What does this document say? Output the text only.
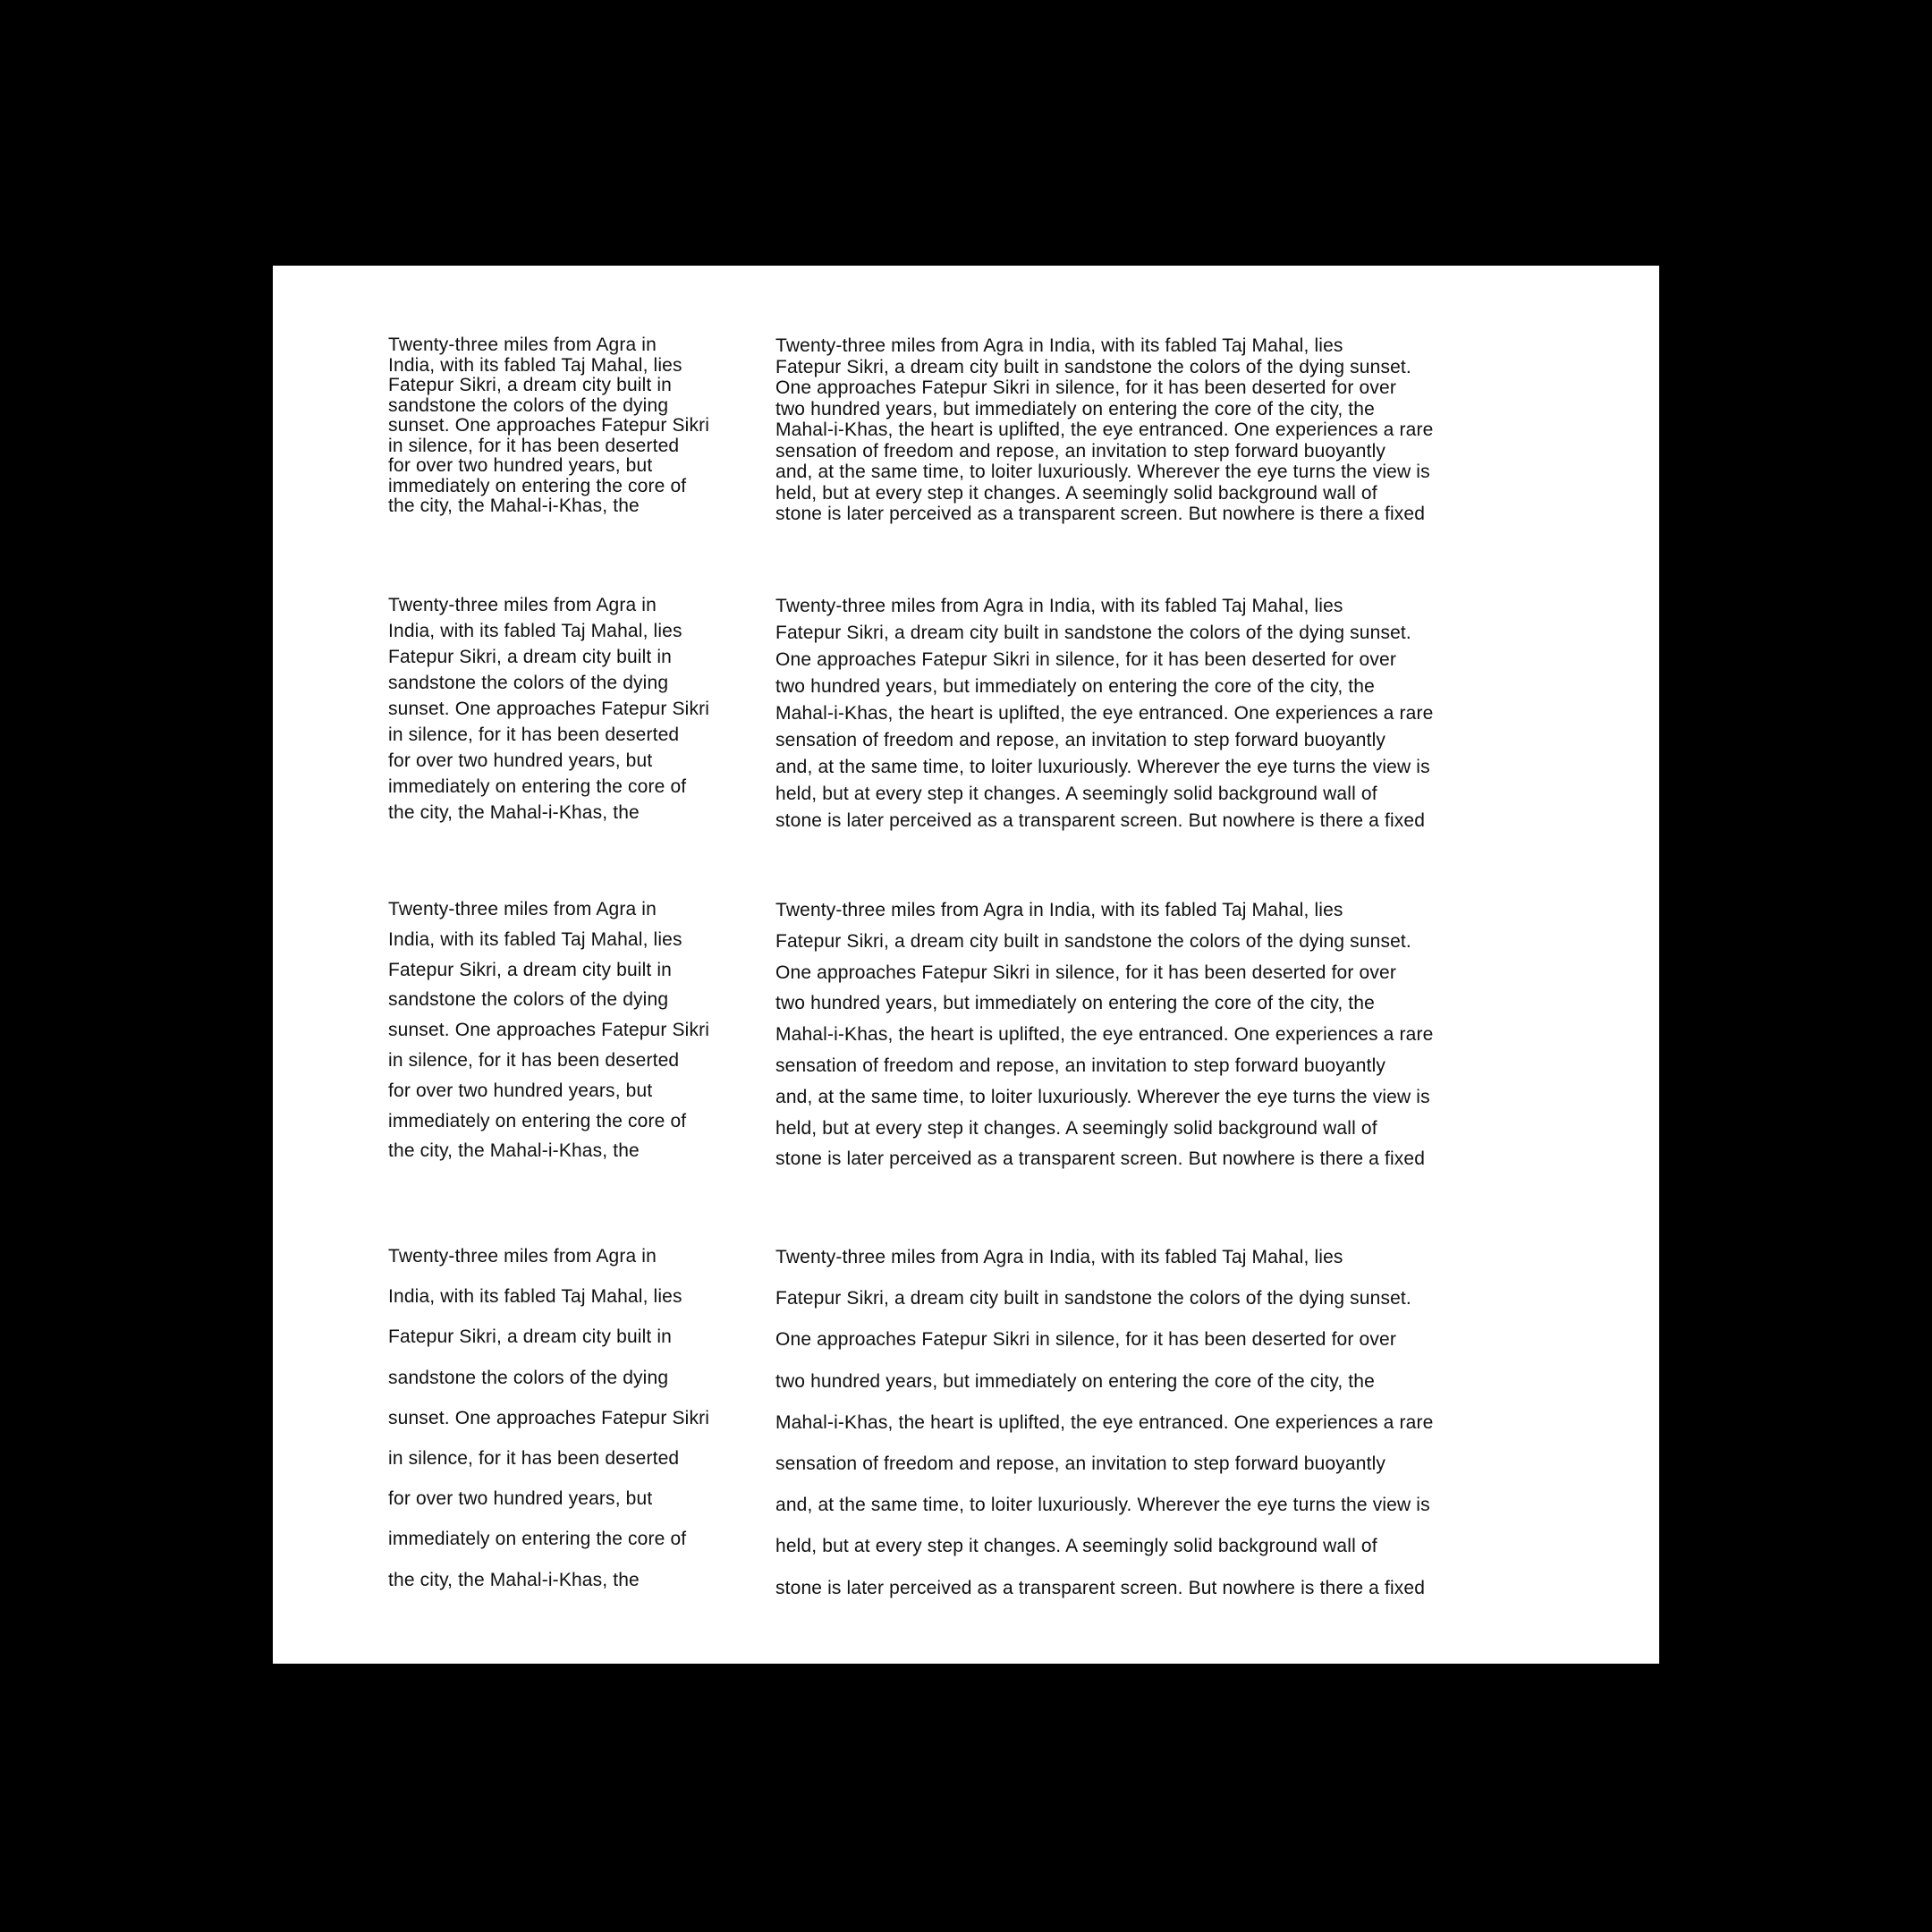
Twenty-three miles from Agra in
India, with its fabled Taj Mahal, lies
Fatepur Sikri, a dream city built in
sandstone the colors of the dying
sunset. One approaches Fatepur Sikri
in silence, for it has been deserted
for over two hundred years, but
immediately on entering the core of
the city, the Mahal-i-Khas, the
Twenty-three miles from Agra in India, with its fabled Taj Mahal, lies
Fatepur Sikri, a dream city built in sandstone the colors of the dying sunset.
One approaches Fatepur Sikri in silence, for it has been deserted for over
two hundred years, but immediately on entering the core of the city, the
Mahal-i-Khas, the heart is uplifted, the eye entranced. One experiences a rare
sensation of freedom and repose, an invitation to step forward buoyantly
and, at the same time, to loiter luxuriously. Wherever the eye turns the view is
held, but at every step it changes. A seemingly solid background wall of
stone is later perceived as a transparent screen. But nowhere is there a fixed
Twenty-three miles from Agra in
India, with its fabled Taj Mahal, lies
Fatepur Sikri, a dream city built in
sandstone the colors of the dying
sunset. One approaches Fatepur Sikri
in silence, for it has been deserted
for over two hundred years, but
immediately on entering the core of
the city, the Mahal-i-Khas, the
Twenty-three miles from Agra in India, with its fabled Taj Mahal, lies
Fatepur Sikri, a dream city built in sandstone the colors of the dying sunset.
One approaches Fatepur Sikri in silence, for it has been deserted for over
two hundred years, but immediately on entering the core of the city, the
Mahal-i-Khas, the heart is uplifted, the eye entranced. One experiences a rare
sensation of freedom and repose, an invitation to step forward buoyantly
and, at the same time, to loiter luxuriously. Wherever the eye turns the view is
held, but at every step it changes. A seemingly solid background wall of
stone is later perceived as a transparent screen. But nowhere is there a fixed
Twenty-three miles from Agra in
India, with its fabled Taj Mahal, lies
Fatepur Sikri, a dream city built in
sandstone the colors of the dying
sunset. One approaches Fatepur Sikri
in silence, for it has been deserted
for over two hundred years, but
immediately on entering the core of
the city, the Mahal-i-Khas, the
Twenty-three miles from Agra in India, with its fabled Taj Mahal, lies
Fatepur Sikri, a dream city built in sandstone the colors of the dying sunset.
One approaches Fatepur Sikri in silence, for it has been deserted for over
two hundred years, but immediately on entering the core of the city, the
Mahal-i-Khas, the heart is uplifted, the eye entranced. One experiences a rare
sensation of freedom and repose, an invitation to step forward buoyantly
and, at the same time, to loiter luxuriously. Wherever the eye turns the view is
held, but at every step it changes. A seemingly solid background wall of
stone is later perceived as a transparent screen. But nowhere is there a fixed
Twenty-three miles from Agra in
India, with its fabled Taj Mahal, lies
Fatepur Sikri, a dream city built in
sandstone the colors of the dying
sunset. One approaches Fatepur Sikri
in silence, for it has been deserted
for over two hundred years, but
immediately on entering the core of
the city, the Mahal-i-Khas, the
Twenty-three miles from Agra in India, with its fabled Taj Mahal, lies
Fatepur Sikri, a dream city built in sandstone the colors of the dying sunset.
One approaches Fatepur Sikri in silence, for it has been deserted for over
two hundred years, but immediately on entering the core of the city, the
Mahal-i-Khas, the heart is uplifted, the eye entranced. One experiences a rare
sensation of freedom and repose, an invitation to step forward buoyantly
and, at the same time, to loiter luxuriously. Wherever the eye turns the view is
held, but at every step it changes. A seemingly solid background wall of
stone is later perceived as a transparent screen. But nowhere is there a fixed
